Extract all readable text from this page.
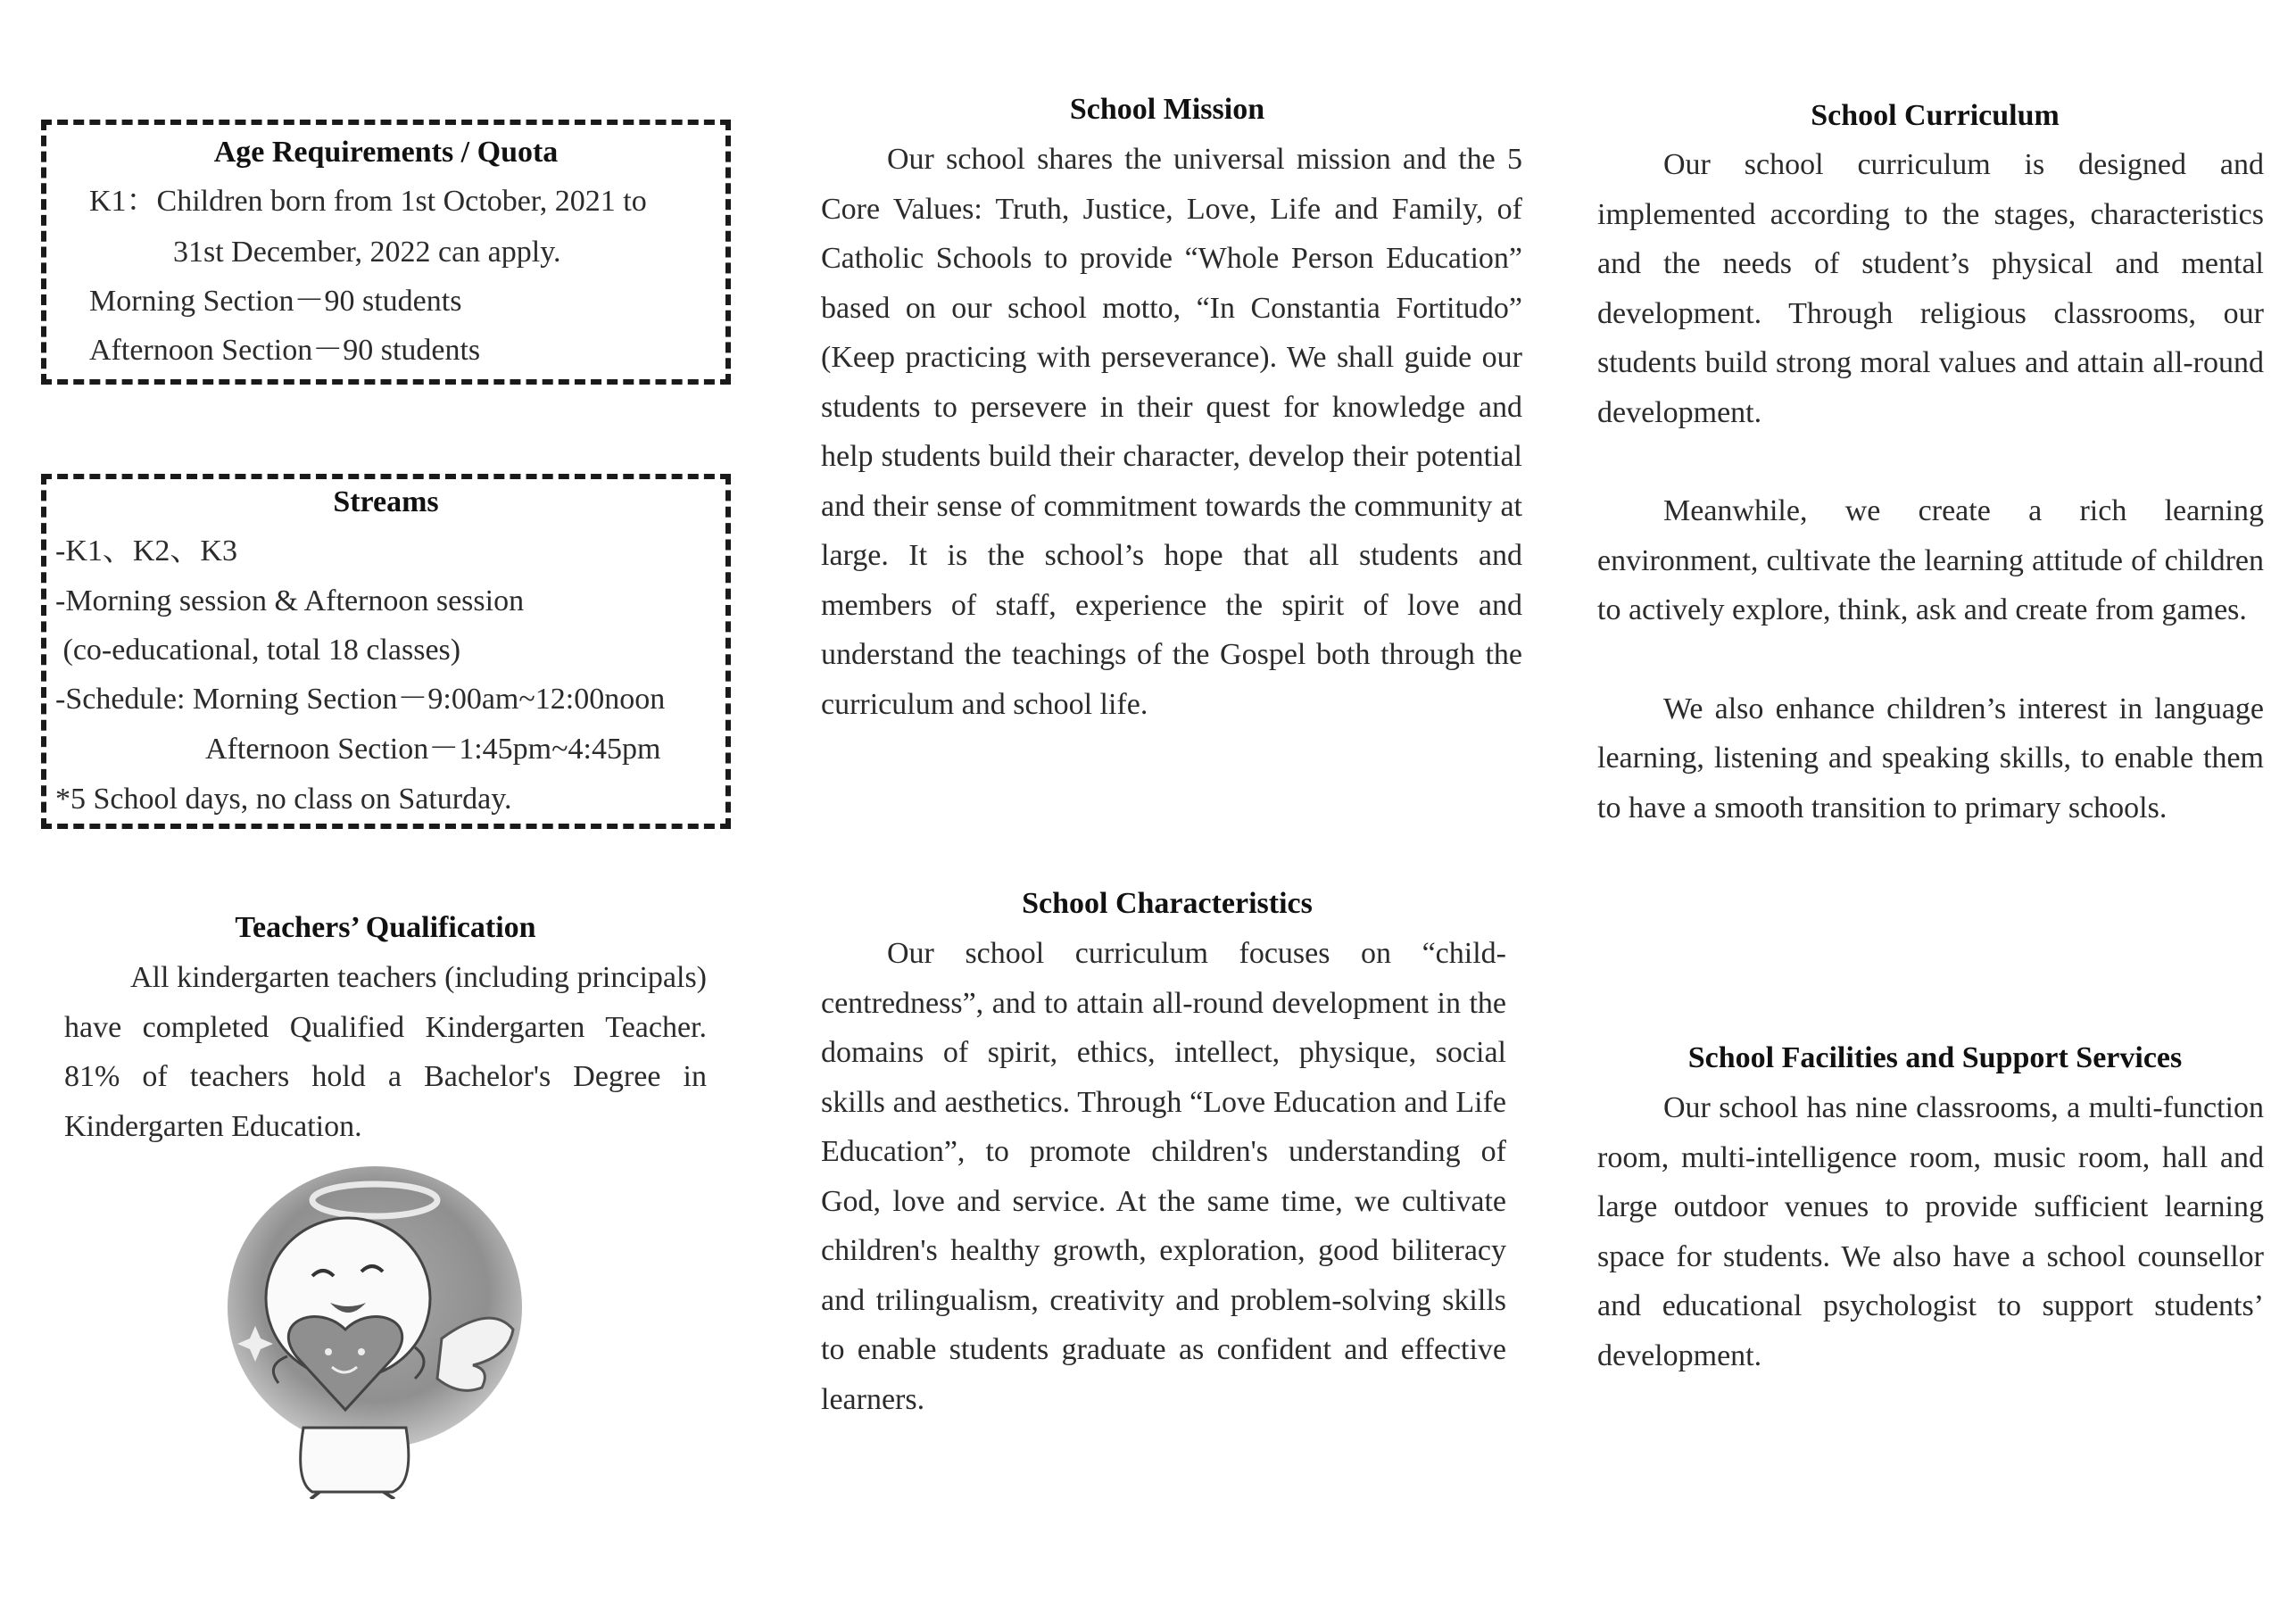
Age Requirements / Quota
K1：Children born from 1st October, 2021 to
31st December, 2022 can apply.
Morning Section－90 students
Afternoon Section－90 students
Streams
-K1、K2、K3
-Morning session & Afternoon session
(co-educational, total 18 classes)
-Schedule: Morning Section－9:00am~12:00noon
Afternoon Section－1:45pm~4:45pm
*5 School days, no class on Saturday.
Teachers’ Qualification

All kindergarten teachers (including principals) have completed Qualified Kindergarten Teacher. 81% of teachers hold a Bachelor's Degree in Kindergarten Education.

School Mission

Our school shares the universal mission and the 5 Core Values: Truth, Justice, Love, Life and Family, of Catholic Schools to provide “Whole Person Education” based on our school motto, “In Constantia Fortitudo” (Keep practicing with perseverance). We shall guide our students to persevere in their quest for knowledge and help students build their character, develop their potential and their sense of commitment towards the community at large. It is the school’s hope that all students and members of staff, experience the spirit of love and understand the teachings of the Gospel both through the curriculum and school life.

School Characteristics

Our school curriculum focuses on “child-centredness”, and to attain all-round development in the domains of spirit, ethics, intellect, physique, social skills and aesthetics. Through “Love Education and Life Education”, to promote children's understanding of God, love and service. At the same time, we cultivate children's healthy growth, exploration, good biliteracy and trilingualism, creativity and problem-solving skills to enable students graduate as confident and effective learners.

School Curriculum

Our school curriculum is designed and implemented according to the stages, characteristics and the needs of student’s physical and mental development. Through religious classrooms, our students build strong moral values and attain all-round development.

Meanwhile, we create a rich learning environment, cultivate the learning attitude of children to actively explore, think, ask and create from games.

We also enhance children’s interest in language learning, listening and speaking skills, to enable them to have a smooth transition to primary schools.

School Facilities and Support Services

Our school has nine classrooms, a multi-function room, multi-intelligence room, music room, hall and large outdoor venues to provide sufficient learning space for students. We also have a school counsellor and educational psychologist to support students’ development.
